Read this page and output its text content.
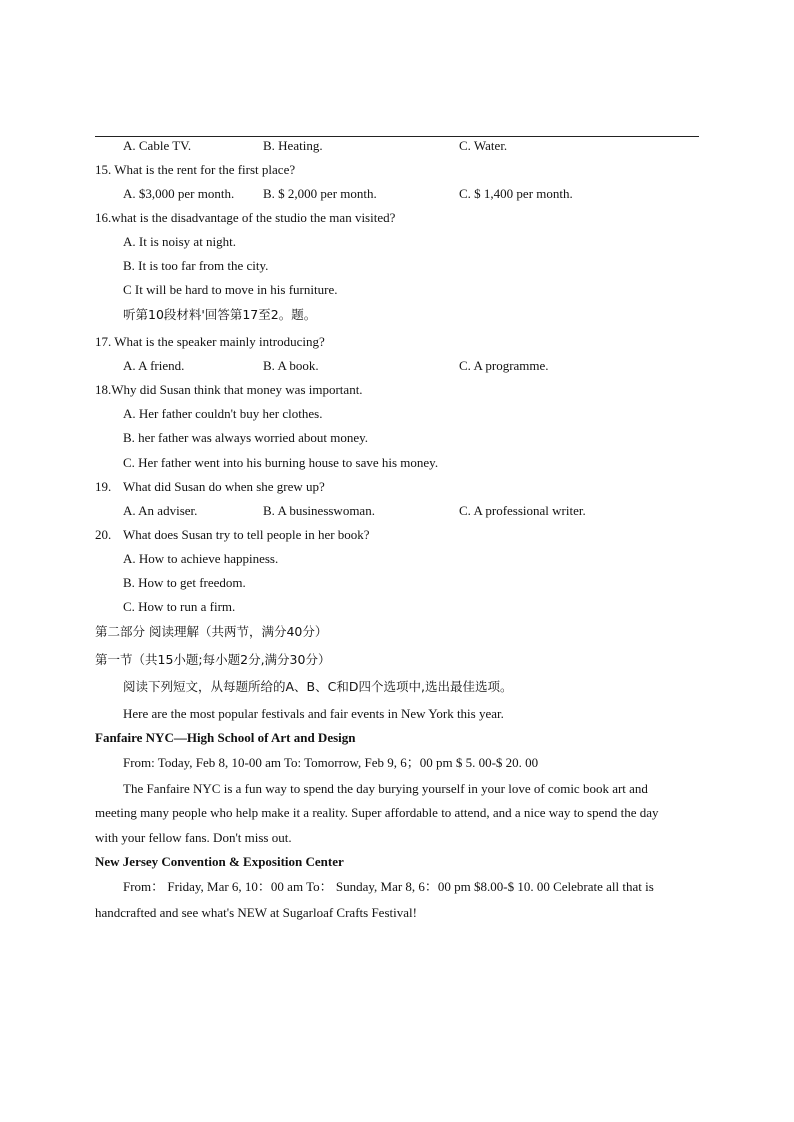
A. Cable TV.	B. Heating.	C. Water.
15. What is the rent for the first place?
A. $3,000 per month. B. $ 2,000 per month.	C. $ 1,400 per month.
16.what is the disadvantage of the studio the man visited?
A. It is noisy at night.
B. It is too far from the city.
C It will be hard to move in his furniture.
听第10段材料'回答第17至2。题。
17. What is the speaker mainly introducing?
A. A friend.	B. A book.	C. A programme.
18.Why did Susan think that money was important.
A. Her father couldn't buy her clothes.
B. her father was always worried about money.
C. Her father went into his burning house to save his money.
19. What did Susan do when she grew up?
A. An adviser.	B. A businesswoman.	C. A professional writer.
20. What does Susan try to tell people in her book?
A. How to achieve happiness.
B. How to get freedom.
C. How to run a firm.
第二部分 阅读理解（共两节，满分40分）
第一节（共15小题;每小题2分,满分30分）
阅读下列短文，从每题所给的A、B、C和D四个选项中,选出最佳选项。
Here are the most popular festivals and fair events in New York this year.
Fanfaire NYC—High School of Art and Design
From: Today, Feb 8, 10-00 am To: Tomorrow, Feb 9, 6；00 pm $ 5. 00-$ 20. 00
The Fanfaire NYC is a fun way to spend the day burying yourself in your love of comic book art and
meeting many people who help make it a reality. Super affordable to attend, and a nice way to spend the day
with your fellow fans. Don't miss out.
New Jersey Convention & Exposition Center
From： Friday, Mar 6, 10：00 am To： Sunday, Mar 8, 6：00 pm $8.00-$ 10. 00 Celebrate all that is
handcrafted and see what's NEW at Sugarloaf Crafts Festival!
